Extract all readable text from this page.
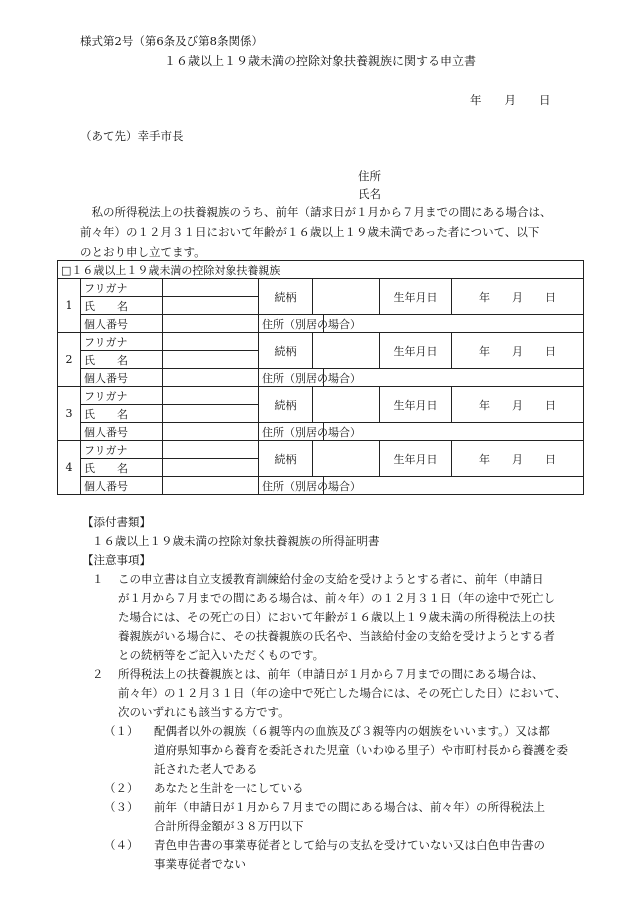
様式第2号（第6条及び第8条関係）
１６歳以上１９歳未満の控除対象扶養親族に関する申立書
年　　月　　日
（あて先）幸手市長
住所
氏名
　私の所得税法上の扶養親族のうち、前年（請求日が１月から７月までの間にある場合は、
前々年）の１２月３１日において年齢が１６歳以上１９歳未満であった者について、以下
のとおり申し立てます。
□１６歳以上１９歳未満の控除対象扶養親族							
1	フリガナ		続柄			生年月日	年　　月　　日
	氏　　名						
	個人番号		住所（別居の場合）				
2	フリガナ		続柄			生年月日	年　　月　　日
	氏　　名						
	個人番号		住所（別居の場合）				
3	フリガナ		続柄			生年月日	年　　月　　日
	氏　　名						
	個人番号		住所（別居の場合）				
4	フリガナ		続柄			生年月日	年　　月　　日
	氏　　名						
	個人番号		住所（別居の場合）				
【添付書類】
１６歳以上１９歳未満の控除対象扶養親族の所得証明書
【注意事項】
１	この申立書は自立支援教育訓練給付金の支給を受けようとする者に、前年（申請日
が１月から７月までの間にある場合は、前々年）の１２月３１日（年の途中で死亡し
た場合には、その死亡の日）において年齢が１６歳以上１９歳未満の所得税法上の扶
養親族がいる場合に、その扶養親族の氏名や、当該給付金の支給を受けようとする者
との続柄等をご記入いただくものです。
２	所得税法上の扶養親族とは、前年（申請日が１月から７月までの間にある場合は、
前々年）の１２月３１日（年の途中で死亡した場合には、その死亡した日）において、
次のいずれにも該当する方です。
（１）	配偶者以外の親族（６親等内の血族及び３親等内の姻族をいいます。）又は都
道府県知事から養育を委託された児童（いわゆる里子）や市町村長から養護を委
託された老人である
（２）	あなたと生計を一にしている
（３）	前年（申請日が１月から７月までの間にある場合は、前々年）の所得税法上
合計所得金額が３８万円以下
（４）	青色申告書の事業専従者として給与の支払を受けていない又は白色申告書の
事業専従者でない
